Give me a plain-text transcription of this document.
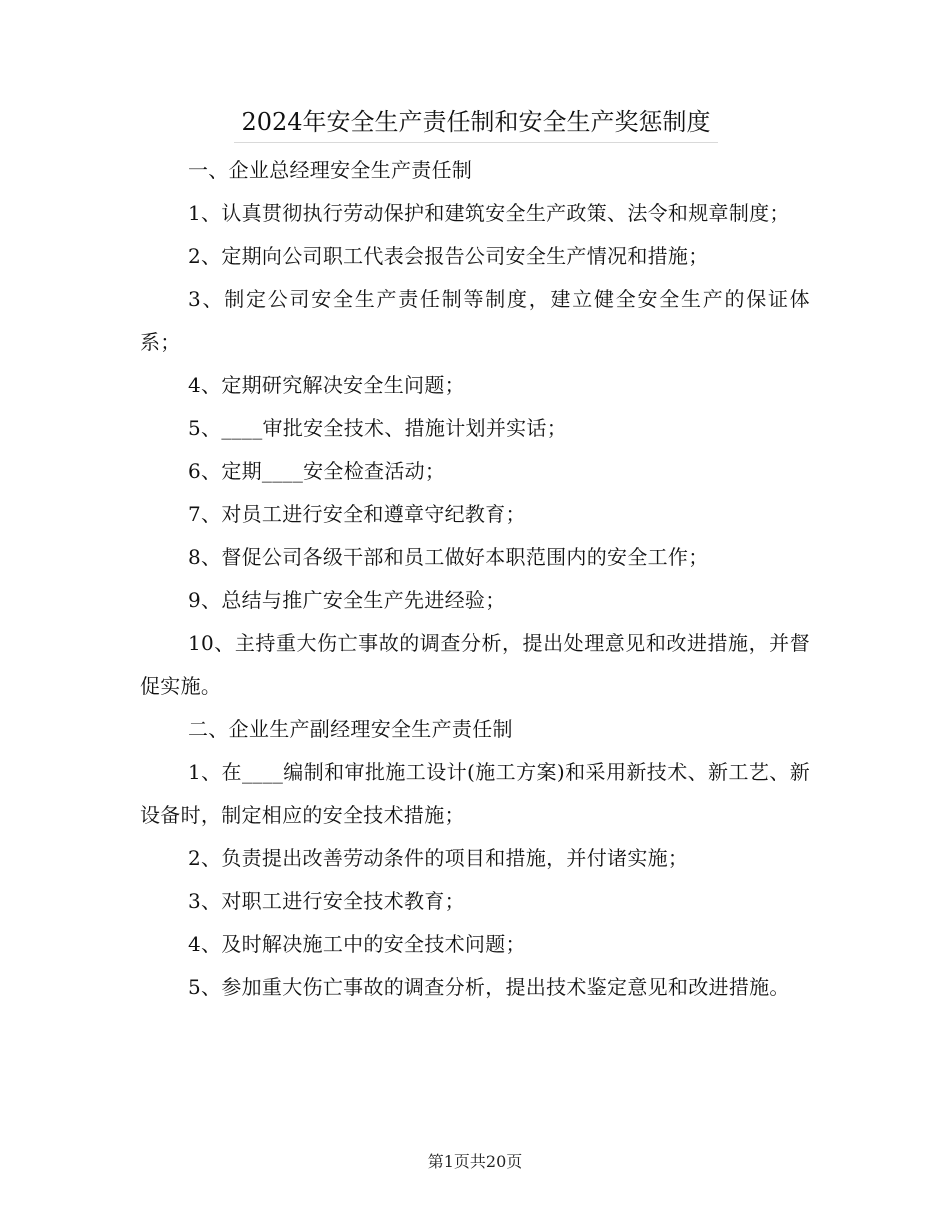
2024年安全生产责任制和安全生产奖惩制度

一、企业总经理安全生产责任制

1、认真贯彻执行劳动保护和建筑安全生产政策、法令和规章制度；

2、定期向公司职工代表会报告公司安全生产情况和措施；

3、制定公司安全生产责任制等制度，建立健全安全生产的保证体系；

4、定期研究解决安全生问题；

5、____审批安全技术、措施计划并实话；

6、定期____安全检查活动；

7、对员工进行安全和遵章守纪教育；

8、督促公司各级干部和员工做好本职范围内的安全工作；

9、总结与推广安全生产先进经验；

10、主持重大伤亡事故的调查分析，提出处理意见和改进措施，并督促实施。

二、企业生产副经理安全生产责任制

1、在____编制和审批施工设计(施工方案)和采用新技术、新工艺、新设备时，制定相应的安全技术措施；

2、负责提出改善劳动条件的项目和措施，并付诸实施；

3、对职工进行安全技术教育；

4、及时解决施工中的安全技术问题；

5、参加重大伤亡事故的调查分析，提出技术鉴定意见和改进措施。

第1页共20页
